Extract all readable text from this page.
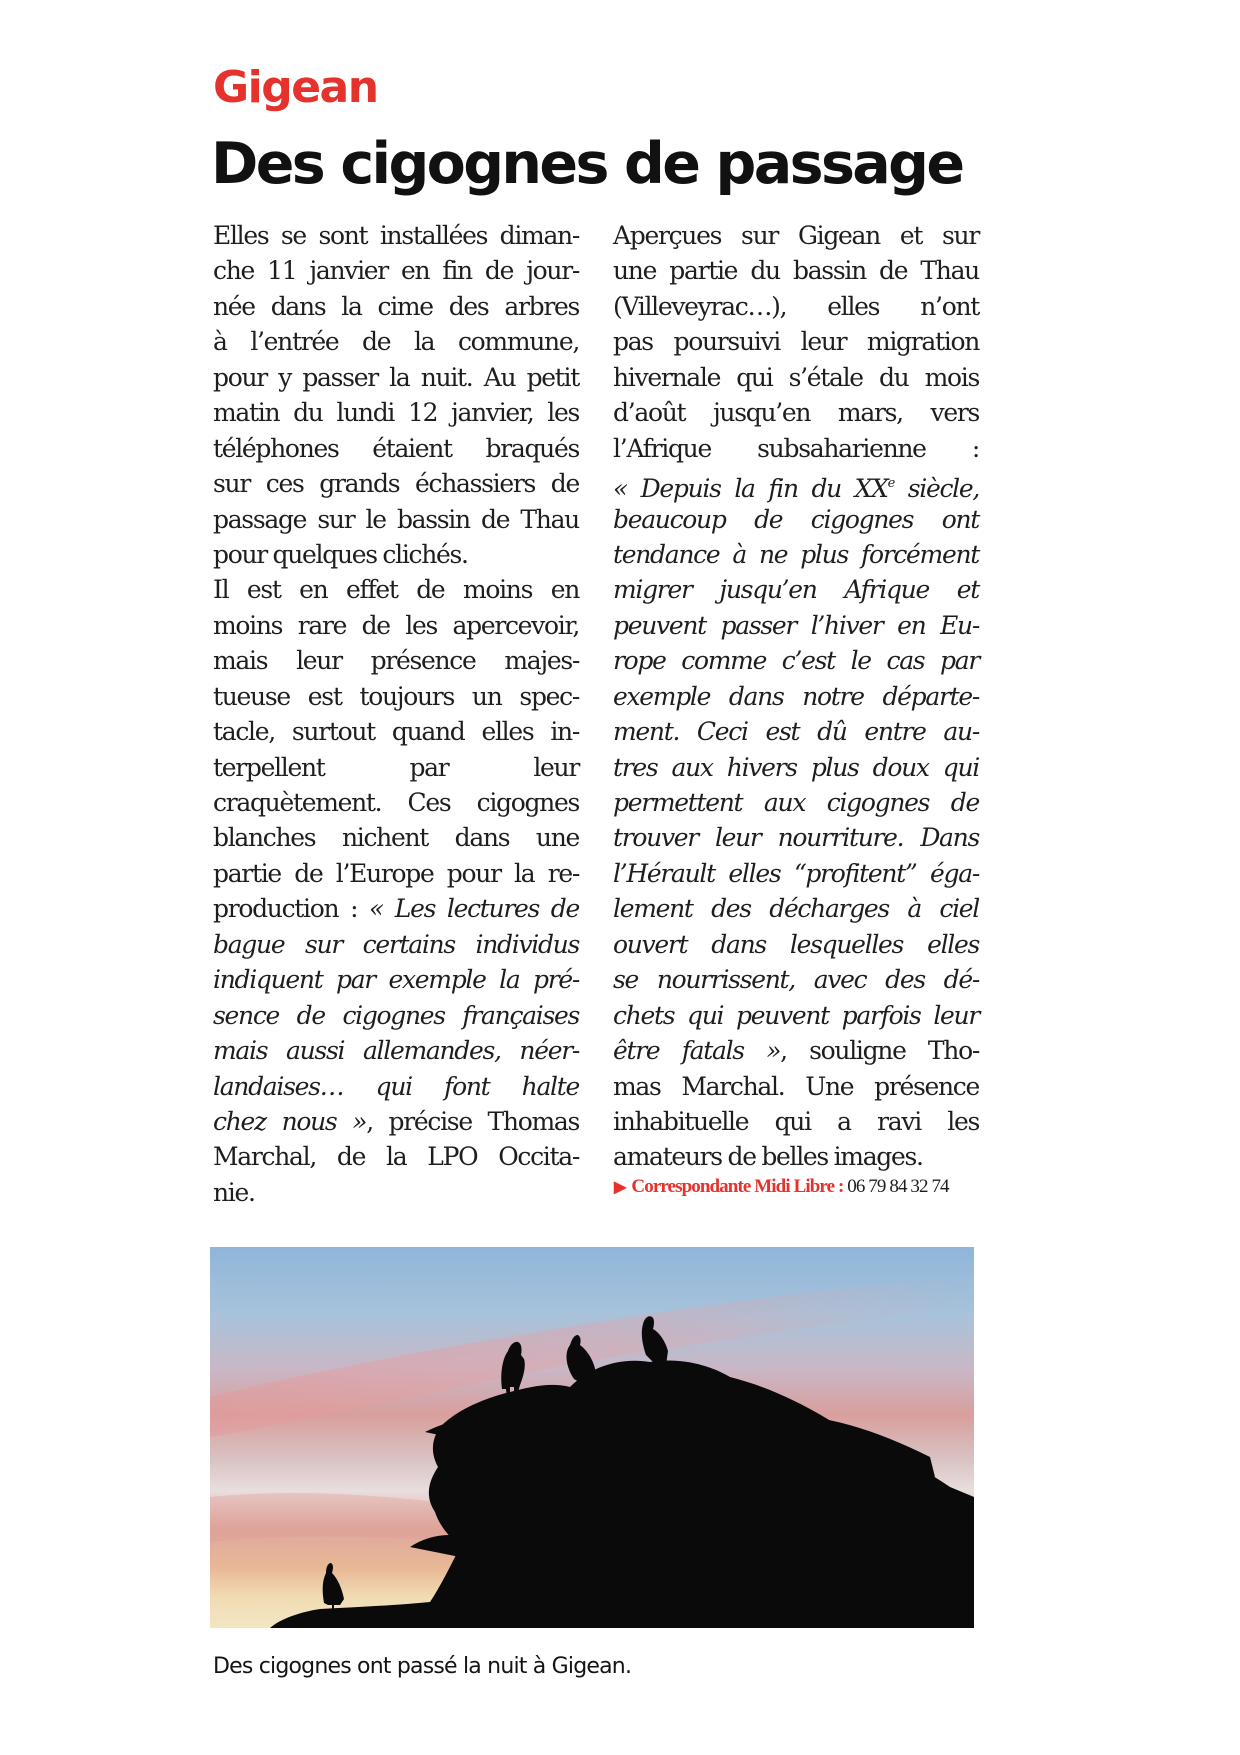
Gigean
Des cigognes de passage
Elles se sont installées diman-
che 11 janvier en fin de jour-
née dans la cime des arbres
à l’entrée de la commune,
pour y passer la nuit. Au petit
matin du lundi 12 janvier, les
téléphones étaient braqués
sur ces grands échassiers de
passage sur le bassin de Thau
pour quelques clichés.
Il est en effet de moins en
moins rare de les apercevoir,
mais leur présence majes-
tueuse est toujours un spec-
tacle, surtout quand elles in-
terpellent par leur
craquètement. Ces cigognes
blanches nichent dans une
partie de l’Europe pour la re-
production : « Les lectures de
bague sur certains individus
indiquent par exemple la pré-
sence de cigognes françaises
mais aussi allemandes, néer-
landaises… qui font halte
chez nous », précise Thomas
Marchal, de la LPO Occita-
nie.
Aperçues sur Gigean et sur
une partie du bassin de Thau
(Villeveyrac…), elles n’ont
pas poursuivi leur migration
hivernale qui s’étale du mois
d’août jusqu’en mars, vers
l’Afrique subsaharienne :
« Depuis la fin du XXe siècle,
beaucoup de cigognes ont
tendance à ne plus forcément
migrer jusqu’en Afrique et
peuvent passer l’hiver en Eu-
rope comme c’est le cas par
exemple dans notre départe-
ment. Ceci est dû entre au-
tres aux hivers plus doux qui
permettent aux cigognes de
trouver leur nourriture. Dans
l’Hérault elles “profitent” éga-
lement des décharges à ciel
ouvert dans lesquelles elles
se nourrissent, avec des dé-
chets qui peuvent parfois leur
être fatals », souligne Tho-
mas Marchal. Une présence
inhabituelle qui a ravi les
amateurs de belles images.
▶ Correspondante Midi Libre : 06 79 84 32 74
Des cigognes ont passé la nuit à Gigean.
